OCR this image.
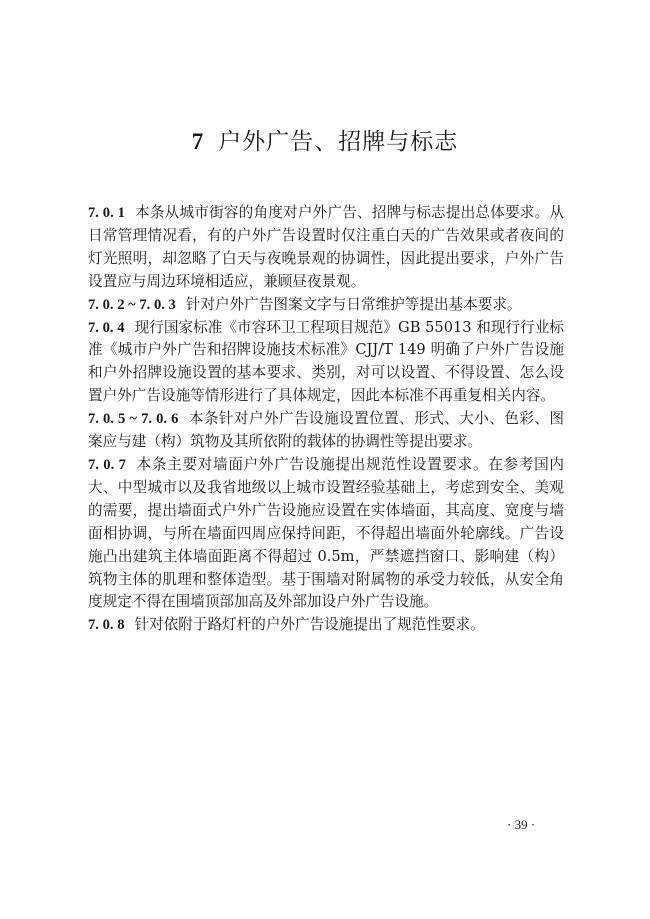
7 户外广告、招牌与标志

7. 0. 1 本条从城市街容的角度对户外广告、招牌与标志提出总体要求。从日常管理情况看，有的户外广告设置时仅注重白天的广告效果或者夜间的灯光照明，却忽略了白天与夜晚景观的协调性，因此提出要求，户外广告设置应与周边环境相适应，兼顾昼夜景观。

7. 0. 2 ~ 7. 0. 3 针对户外广告图案文字与日常维护等提出基本要求。

7. 0. 4 现行国家标准《市容环卫工程项目规范》GB 55013 和现行行业标准《城市户外广告和招牌设施技术标准》CJJ/T 149 明确了户外广告设施和户外招牌设施设置的基本要求、类别，对可以设置、不得设置、怎么设置户外广告设施等情形进行了具体规定，因此本标准不再重复相关内容。

7. 0. 5 ~ 7. 0. 6 本条针对户外广告设施设置位置、形式、大小、色彩、图案应与建（构）筑物及其所依附的载体的协调性等提出要求。

7. 0. 7 本条主要对墙面户外广告设施提出规范性设置要求。在参考国内大、中型城市以及我省地级以上城市设置经验基础上，考虑到安全、美观的需要，提出墙面式户外广告设施应设置在实体墙面，其高度、宽度与墙面相协调，与所在墙面四周应保持间距，不得超出墙面外轮廓线。广告设施凸出建筑主体墙面距离不得超过 0.5m，严禁遮挡窗口、影响建（构）筑物主体的肌理和整体造型。基于围墙对附属物的承受力较低，从安全角度规定不得在围墙顶部加高及外部加设户外广告设施。

7. 0. 8 针对依附于路灯杆的户外广告设施提出了规范性要求。

· 39 ·
